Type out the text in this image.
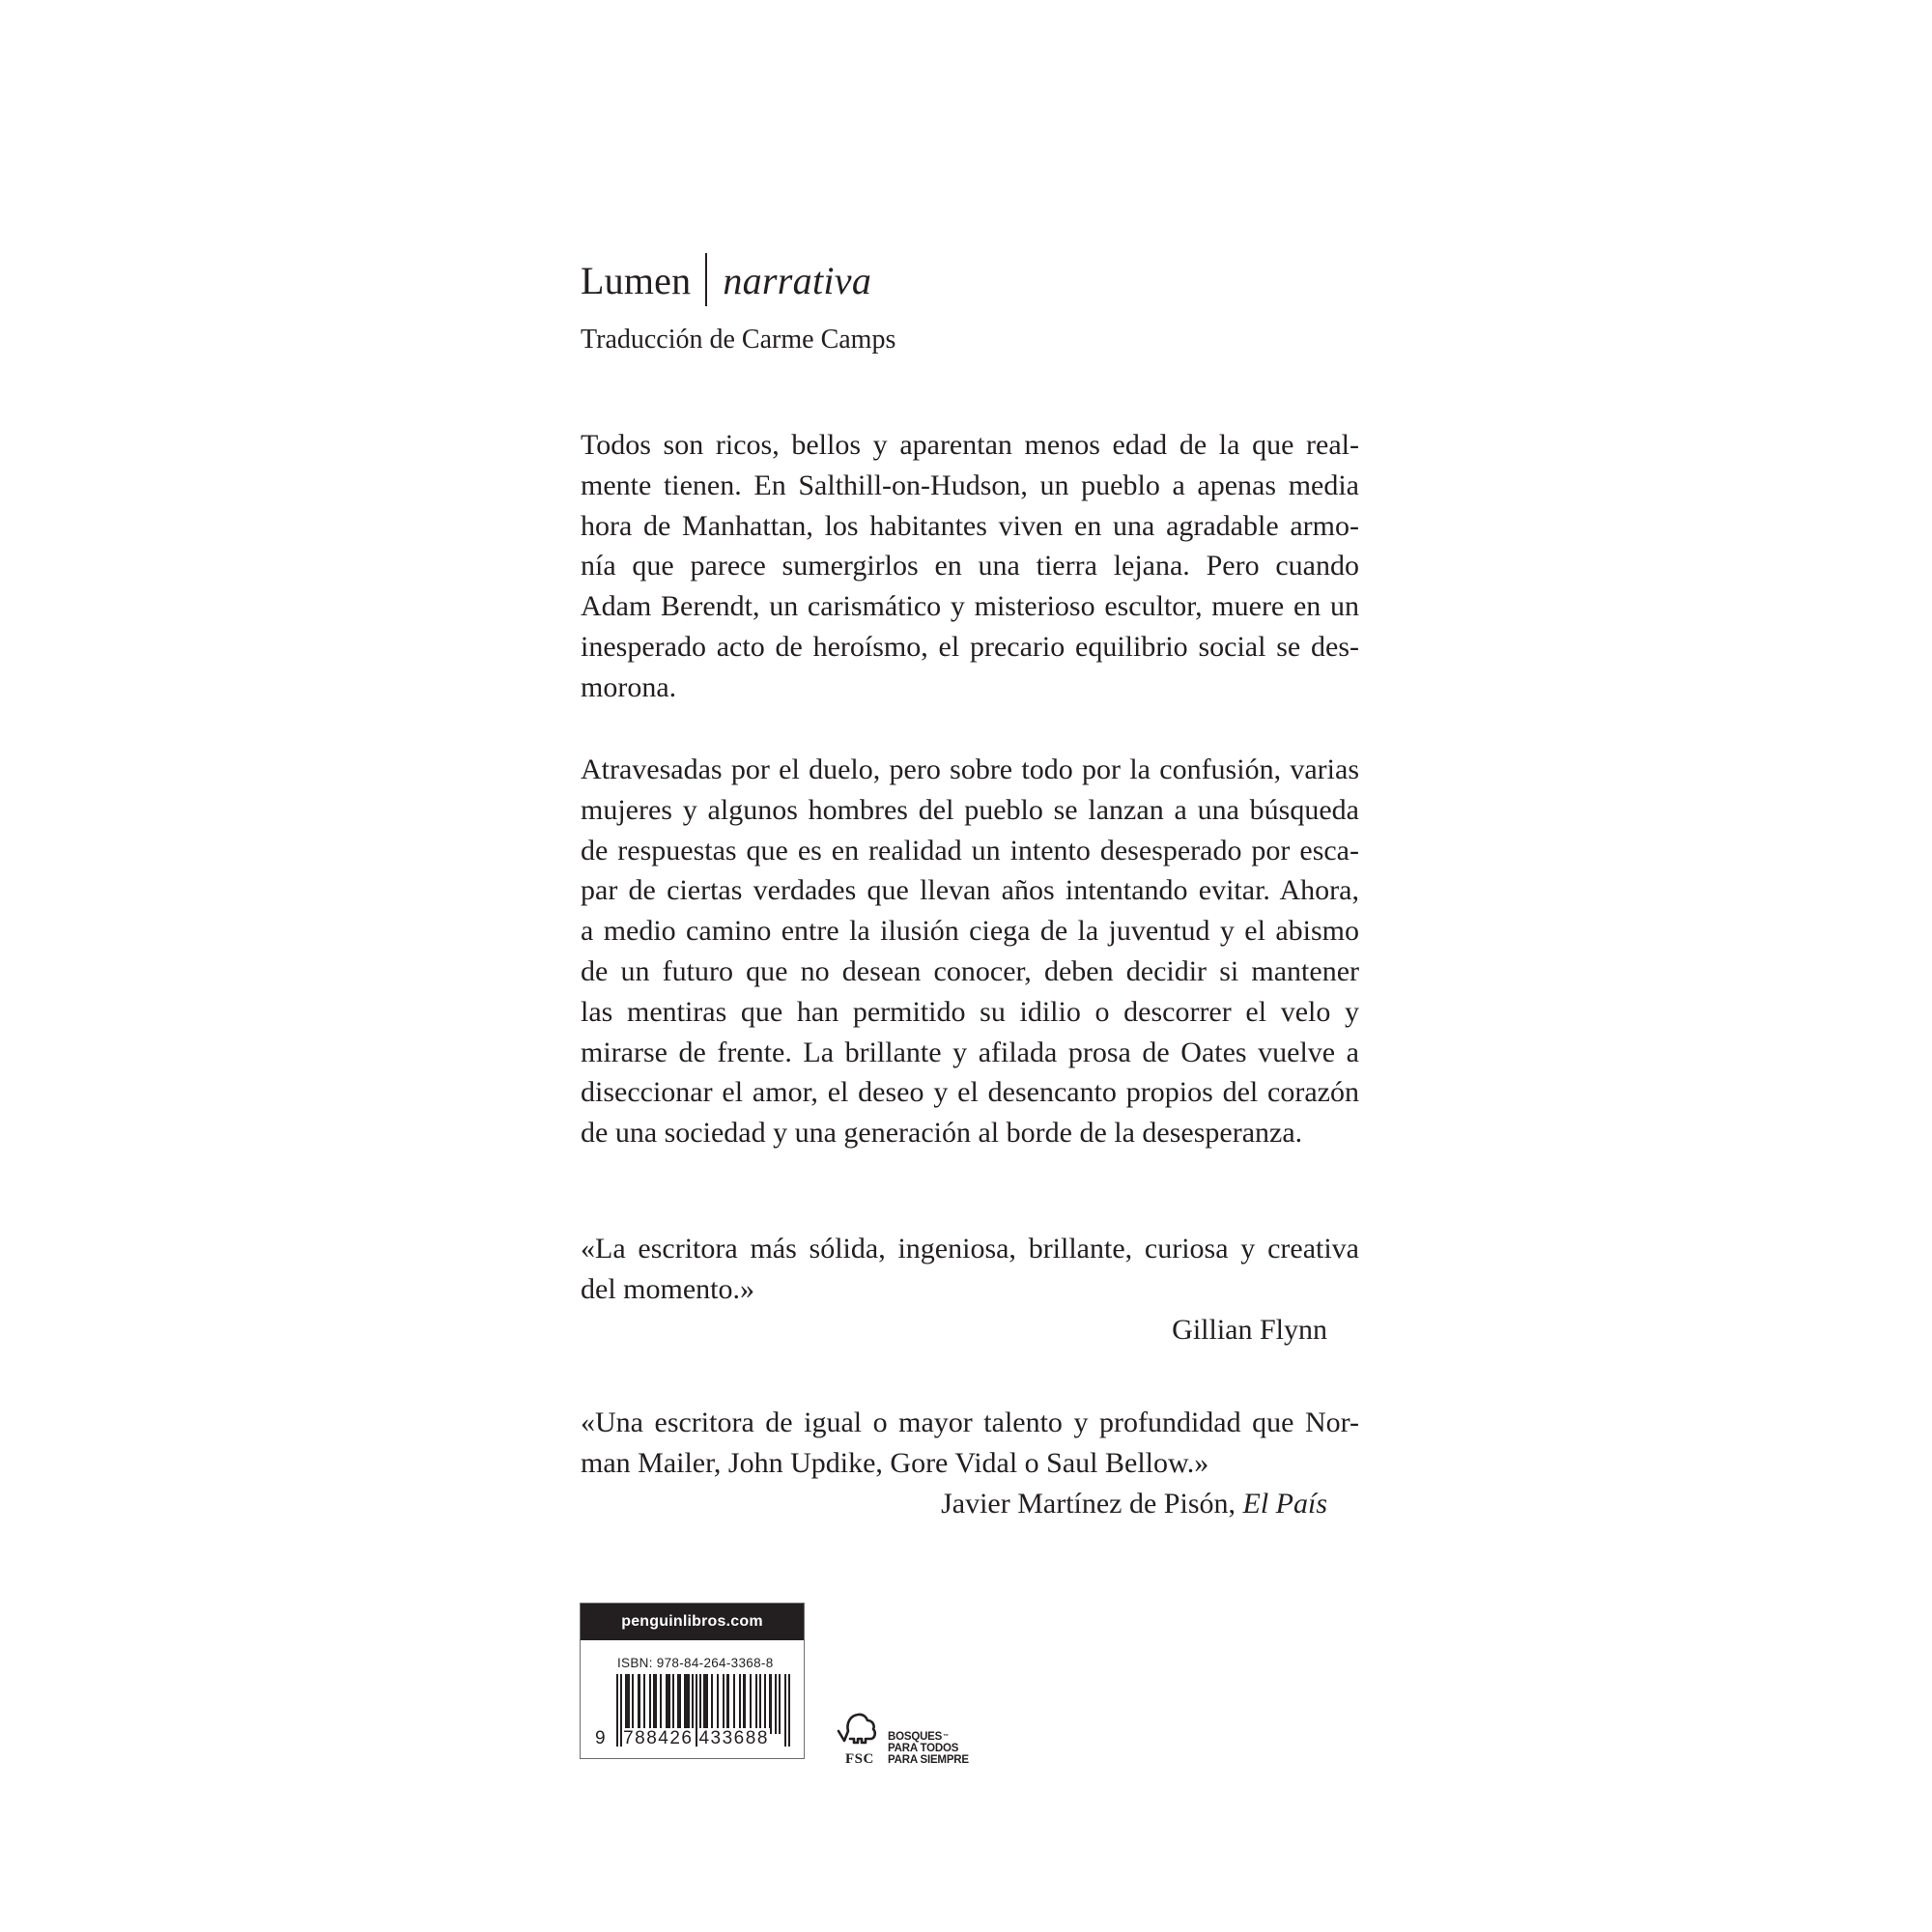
Lumen narrativa
Traducción de Carme Camps

Todos son ricos, bellos y aparentan menos edad de la que real-
mente tienen. En Salthill-on-Hudson, un pueblo a apenas media
hora de Manhattan, los habitantes viven en una agradable armo-
nía que parece sumergirlos en una tierra lejana. Pero cuando
Adam Berendt, un carismático y misterioso escultor, muere en un
inesperado acto de heroísmo, el precario equilibrio social se des-
morona.

Atravesadas por el duelo, pero sobre todo por la confusión, varias
mujeres y algunos hombres del pueblo se lanzan a una búsqueda
de respuestas que es en realidad un intento desesperado por esca-
par de ciertas verdades que llevan años intentando evitar. Ahora,
a medio camino entre la ilusión ciega de la juventud y el abismo
de un futuro que no desean conocer, deben decidir si mantener
las mentiras que han permitido su idilio o descorrer el velo y
mirarse de frente. La brillante y afilada prosa de Oates vuelve a
diseccionar el amor, el deseo y el desencanto propios del corazón
de una sociedad y una generación al borde de la desesperanza.

«La escritora más sólida, ingeniosa, brillante, curiosa y creativa
del momento.»
Gillian Flynn
«Una escritora de igual o mayor talento y profundidad que Nor-
man Mailer, John Updike, Gore Vidal o Saul Bellow.»
Javier Martínez de Pisón, El País
penguinlibros.com
ISBN: 978-84-264-3368-8
9 788426 433688
FSC
BOSQUES™
PARA TODOS
PARA SIEMPRE
